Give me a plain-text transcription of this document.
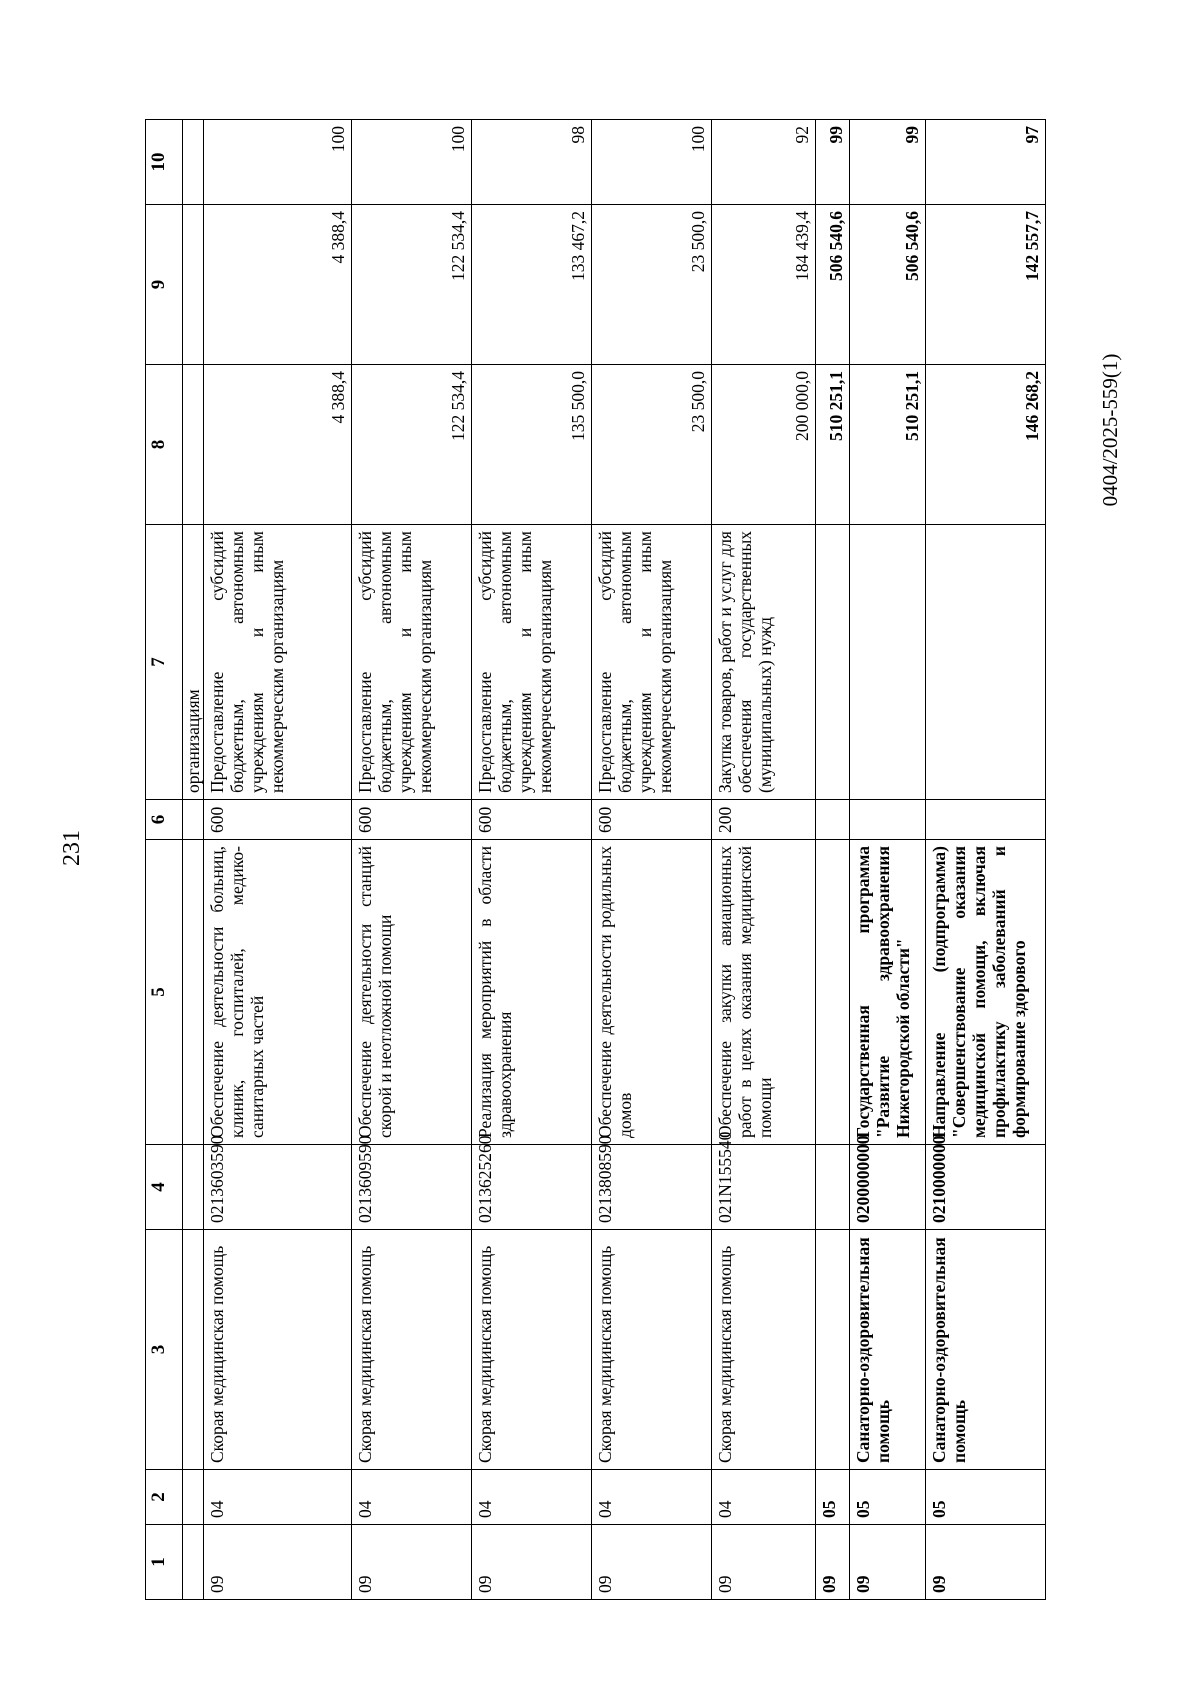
231
0404/2025-559(1)
1	2	3	4	5	6	7	8	9	10
						организациям			
09	04	Скорая медицинская помощь	0213603590	Обеспечение деятельности больниц, клиник, госпиталей, медико-санитарных частей	600	Предоставление субсидий бюджетным, автономным учреждениям и иным некоммерческим организациям	4 388,4	4 388,4	100
09	04	Скорая медицинская помощь	0213609590	Обеспечение деятельности станций скорой и неотложной помощи	600	Предоставление субсидий бюджетным, автономным учреждениям и иным некоммерческим организациям	122 534,4	122 534,4	100
09	04	Скорая медицинская помощь	0213625260	Реализация мероприятий в области здравоохранения	600	Предоставление субсидий бюджетным, автономным учреждениям и иным некоммерческим организациям	135 500,0	133 467,2	98
09	04	Скорая медицинская помощь	0213808590	Обеспечение деятельности родильных домов	600	Предоставление субсидий бюджетным, автономным учреждениям и иным некоммерческим организациям	23 500,0	23 500,0	100
09	04	Скорая медицинская помощь	021N155540	Обеспечение закупки авиационных работ в целях оказания медицинской помощи	200	Закупка товаров, работ и услуг для обеспечения государственных (муниципальных) нужд	200 000,0	184 439,4	92
09	05						510 251,1	506 540,6	99
09	05	Санаторно-оздоровительная помощь	0200000000	Государственная программа "Развитие здравоохранения Нижегородской области"			510 251,1	506 540,6	99
09	05	Санаторно-оздоровительная помощь	0210000000	Направление (подпрограмма) "Совершенствование оказания медицинской помощи, включая профилактику заболеваний и формирование здорового			146 268,2	142 557,7	97
